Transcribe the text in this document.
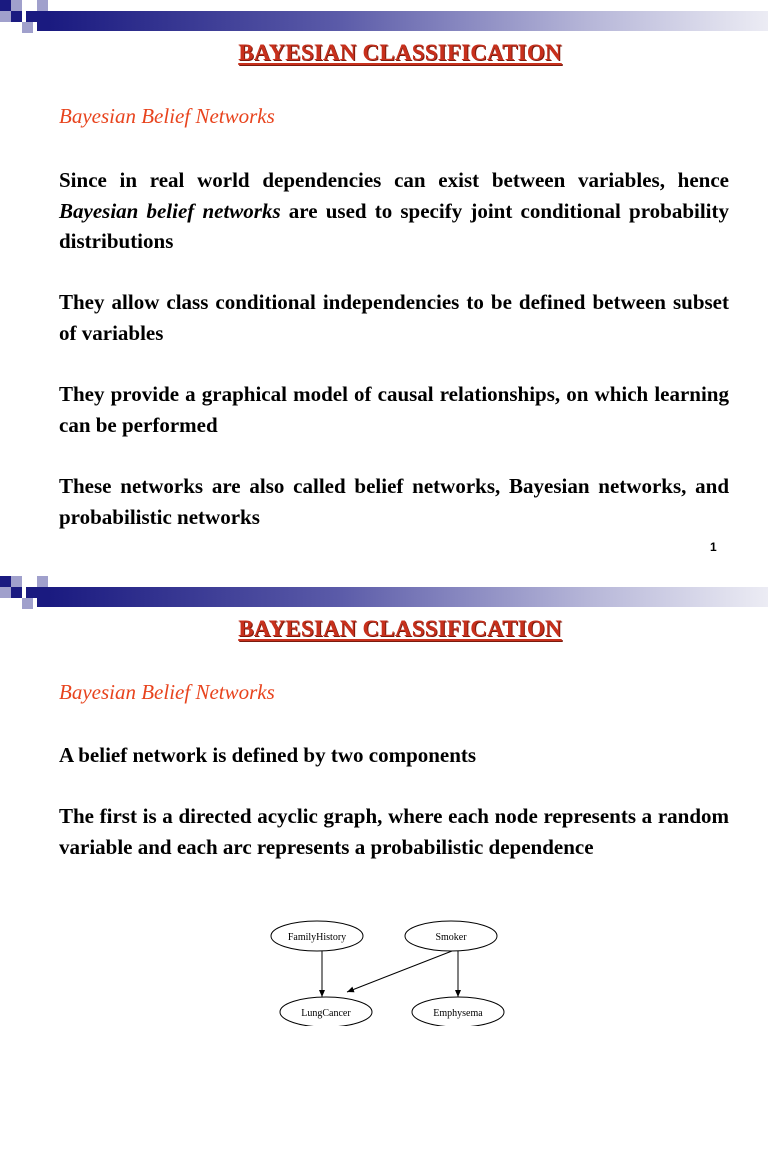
BAYESIAN CLASSIFICATION
Bayesian Belief Networks
Since in real world dependencies can exist between variables, hence Bayesian belief networks are used to specify joint conditional probability distributions
They allow class conditional independencies to be defined between subset of variables
They provide a graphical model of causal relationships, on which learning can be performed
These networks are also called belief networks, Bayesian networks, and probabilistic networks
1
BAYESIAN CLASSIFICATION
Bayesian Belief Networks
A belief network is defined by two components
The first is a directed acyclic graph, where each node represents a random variable and each arc represents a probabilistic dependence
FamilyHistory	Smoker
LungCancer	Emphysema
